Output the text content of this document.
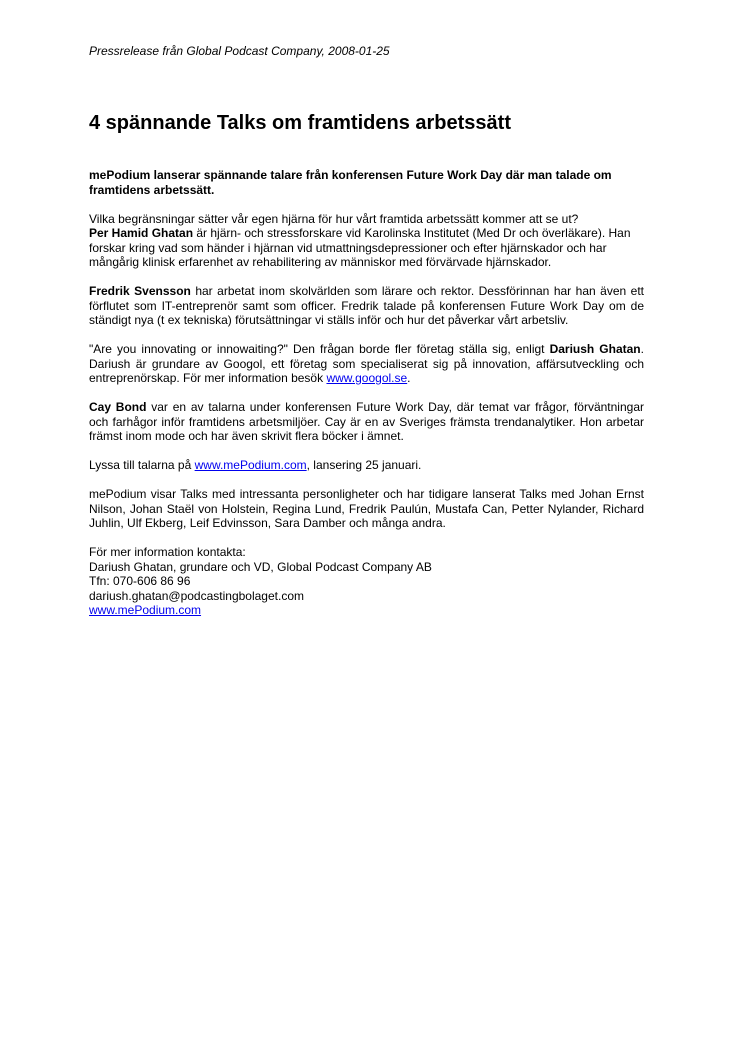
Pressrelease från Global Podcast Company, 2008-01-25
4 spännande Talks om framtidens arbetssätt

mePodium lanserar spännande talare från konferensen Future Work Day där man talade om framtidens arbetssätt.

Vilka begränsningar sätter vår egen hjärna för hur vårt framtida arbetssätt kommer att se ut?
Per Hamid Ghatan är hjärn- och stressforskare vid Karolinska Institutet (Med Dr och överläkare). Han forskar kring vad som händer i hjärnan vid utmattningsdepressioner och efter hjärnskador och har mångårig klinisk erfarenhet av rehabilitering av människor med förvärvade hjärnskador.

Fredrik Svensson har arbetat inom skolvärlden som lärare och rektor. Dessförinnan har han även ett förflutet som IT-entreprenör samt som officer. Fredrik talade på konferensen Future Work Day om de ständigt nya (t ex tekniska) förutsättningar vi ställs inför och hur det påverkar vårt arbetsliv.

"Are you innovating or innowaiting?" Den frågan borde fler företag ställa sig, enligt Dariush Ghatan. Dariush är grundare av Googol, ett företag som specialiserat sig på innovation, affärsutveckling och entreprenörskap. För mer information besök www.googol.se.

Cay Bond var en av talarna under konferensen Future Work Day, där temat var frågor, förväntningar och farhågor inför framtidens arbetsmiljöer. Cay är en av Sveriges främsta trendanalytiker. Hon arbetar främst inom mode och har även skrivit flera böcker i ämnet.

Lyssa till talarna på www.mePodium.com, lansering 25 januari.

mePodium visar Talks med intressanta personligheter och har tidigare lanserat Talks med Johan Ernst Nilson, Johan Staël von Holstein, Regina Lund, Fredrik Paulún, Mustafa Can, Petter Nylander, Richard Juhlin, Ulf Ekberg, Leif Edvinsson, Sara Damber och många andra.

För mer information kontakta:
Dariush Ghatan, grundare och VD, Global Podcast Company AB
Tfn: 070-606 86 96
dariush.ghatan@podcastingbolaget.com
www.mePodium.com
